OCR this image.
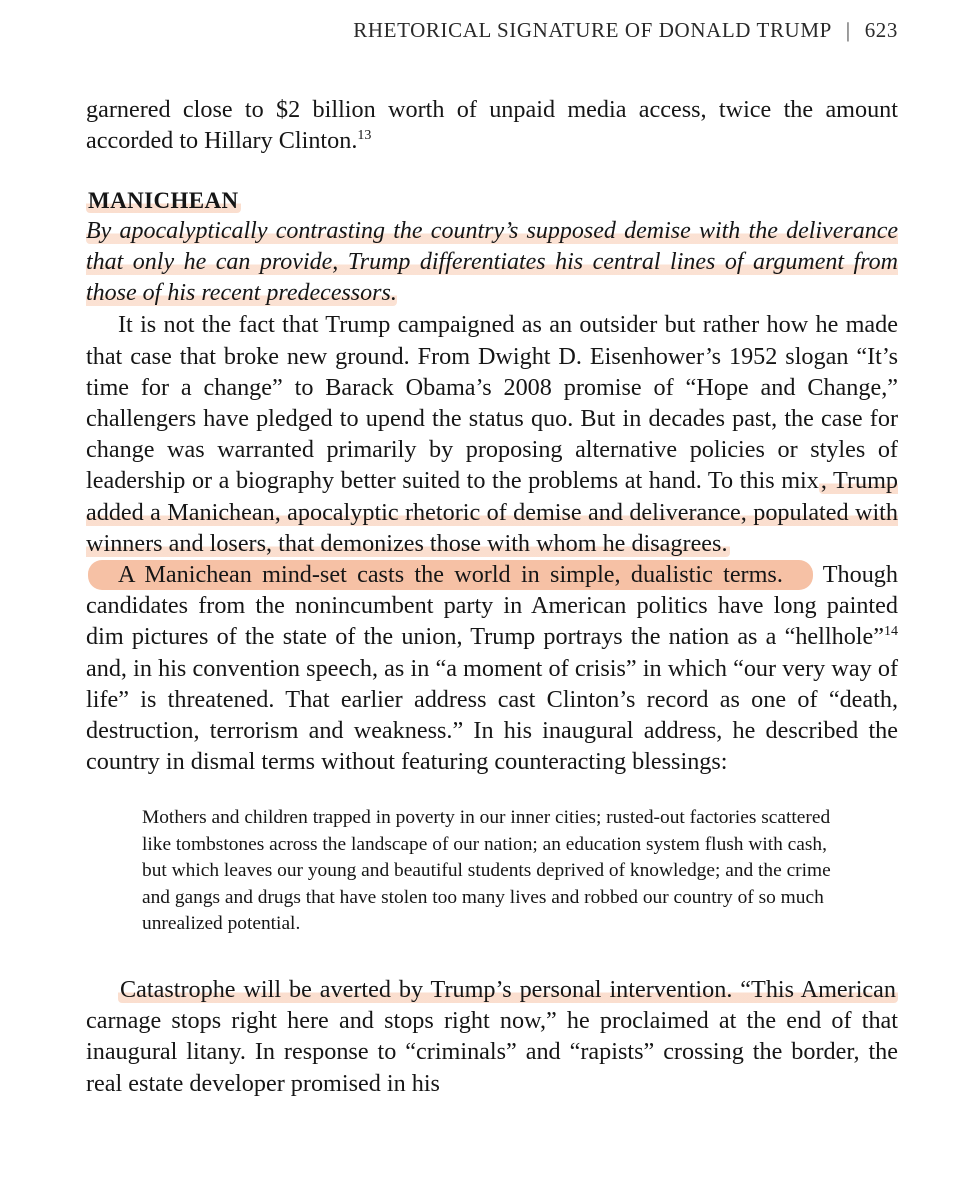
RHETORICAL SIGNATURE OF DONALD TRUMP | 623

garnered close to $2 billion worth of unpaid media access, twice the amount accorded to Hillary Clinton.$^{13}$

MANICHEAN

By apocalyptically contrasting the country’s supposed demise with the deliverance that only he can provide, Trump differentiates his central lines of argument from those of his recent predecessors.

It is not the fact that Trump campaigned as an outsider but rather how he made that case that broke new ground. From Dwight D. Eisenhower’s 1952 slogan “It’s time for a change” to Barack Obama’s 2008 promise of “Hope and Change,” challengers have pledged to upend the status quo. But in decades past, the case for change was warranted primarily by proposing alternative policies or styles of leadership or a biography better suited to the problems at hand. To this mix, Trump added a Manichean, apocalyptic rhetoric of demise and deliverance, populated with winners and losers, that demonizes those with whom he disagrees.

A Manichean mind-set casts the world in simple, dualistic terms. Though candidates from the nonincumbent party in American politics have long painted dim pictures of the state of the union, Trump portrays the nation as a “hellhole”$^{14}$ and, in his convention speech, as in “a moment of crisis” in which “our very way of life” is threatened. That earlier address cast Clinton’s record as one of “death, destruction, terrorism and weakness.” In his inaugural address, he described the country in dismal terms without featuring counteracting blessings:

Mothers and children trapped in poverty in our inner cities; rusted-out factories scattered like tombstones across the landscape of our nation; an education system flush with cash, but which leaves our young and beautiful students deprived of knowledge; and the crime and gangs and drugs that have stolen too many lives and robbed our country of so much unrealized potential.

Catastrophe will be averted by Trump’s personal intervention. “This American carnage stops right here and stops right now,” he proclaimed at the end of that inaugural litany. In response to “criminals” and “rapists” crossing the border, the real estate developer promised in his
